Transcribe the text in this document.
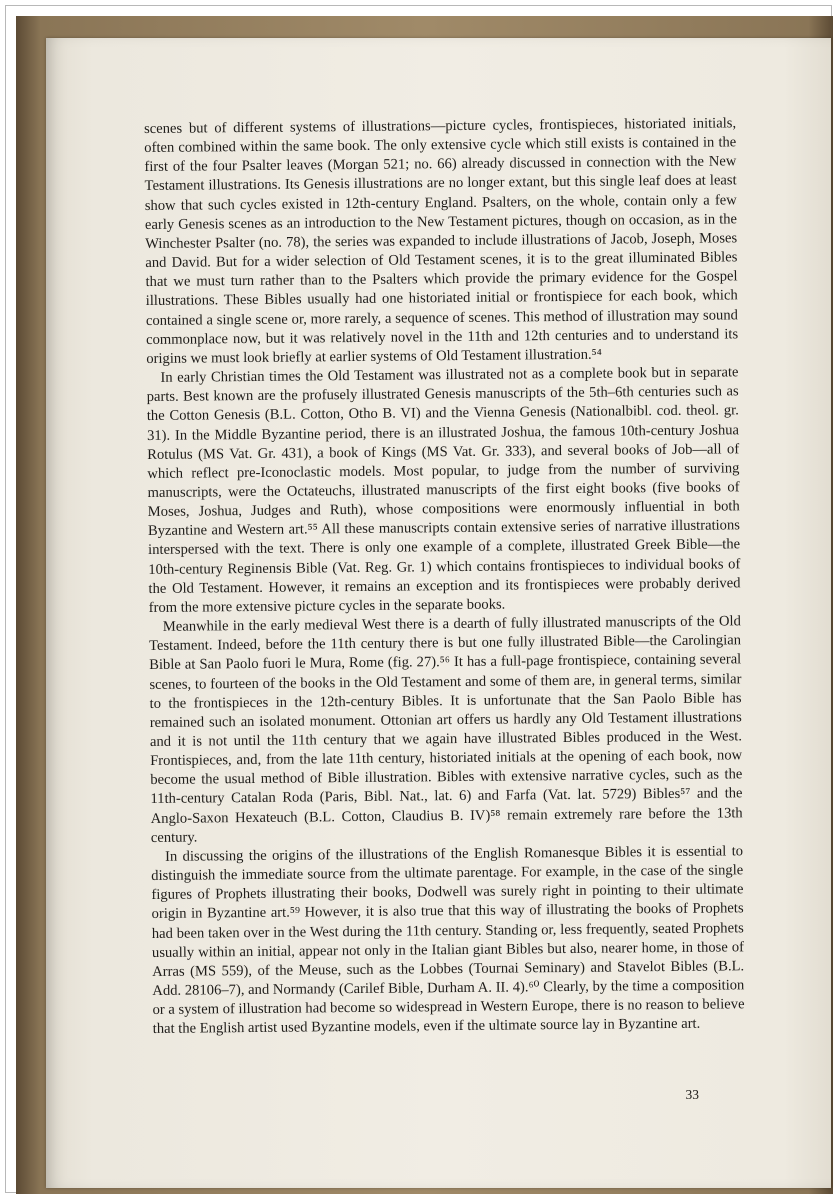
scenes but of different systems of illustrations—picture cycles, frontispieces, historiated initials, often combined within the same book. The only extensive cycle which still exists is contained in the first of the four Psalter leaves (Morgan 521; no. 66) already discussed in connection with the New Testament illustrations. Its Genesis illustrations are no longer extant, but this single leaf does at least show that such cycles existed in 12th-century England. Psalters, on the whole, contain only a few early Genesis scenes as an introduction to the New Testament pictures, though on occasion, as in the Winchester Psalter (no. 78), the series was expanded to include illustrations of Jacob, Joseph, Moses and David. But for a wider selection of Old Testament scenes, it is to the great illuminated Bibles that we must turn rather than to the Psalters which provide the primary evidence for the Gospel illustrations. These Bibles usually had one historiated initial or frontispiece for each book, which contained a single scene or, more rarely, a sequence of scenes. This method of illustration may sound commonplace now, but it was relatively novel in the 11th and 12th centuries and to understand its origins we must look briefly at earlier systems of Old Testament illustration.⁵⁴

In early Christian times the Old Testament was illustrated not as a complete book but in separate parts. Best known are the profusely illustrated Genesis manuscripts of the 5th–6th centuries such as the Cotton Genesis (B.L. Cotton, Otho B. VI) and the Vienna Genesis (Nationalbibl. cod. theol. gr. 31). In the Middle Byzantine period, there is an illustrated Joshua, the famous 10th-century Joshua Rotulus (MS Vat. Gr. 431), a book of Kings (MS Vat. Gr. 333), and several books of Job—all of which reflect pre-Iconoclastic models. Most popular, to judge from the number of surviving manuscripts, were the Octateuchs, illustrated manuscripts of the first eight books (five books of Moses, Joshua, Judges and Ruth), whose compositions were enormously influential in both Byzantine and Western art.⁵⁵ All these manuscripts contain extensive series of narrative illustrations interspersed with the text. There is only one example of a complete, illustrated Greek Bible—the 10th-century Reginensis Bible (Vat. Reg. Gr. 1) which contains frontispieces to individual books of the Old Testament. However, it remains an exception and its frontispieces were probably derived from the more extensive picture cycles in the separate books.

Meanwhile in the early medieval West there is a dearth of fully illustrated manuscripts of the Old Testament. Indeed, before the 11th century there is but one fully illustrated Bible—the Carolingian Bible at San Paolo fuori le Mura, Rome (fig. 27).⁵⁶ It has a full-page frontispiece, containing several scenes, to fourteen of the books in the Old Testament and some of them are, in general terms, similar to the frontispieces in the 12th-century Bibles. It is unfortunate that the San Paolo Bible has remained such an isolated monument. Ottonian art offers us hardly any Old Testament illustrations and it is not until the 11th century that we again have illustrated Bibles produced in the West. Frontispieces, and, from the late 11th century, historiated initials at the opening of each book, now become the usual method of Bible illustration. Bibles with extensive narrative cycles, such as the 11th-century Catalan Roda (Paris, Bibl. Nat., lat. 6) and Farfa (Vat. lat. 5729) Bibles⁵⁷ and the Anglo-Saxon Hexateuch (B.L. Cotton, Claudius B. IV)⁵⁸ remain extremely rare before the 13th century.

In discussing the origins of the illustrations of the English Romanesque Bibles it is essential to distinguish the immediate source from the ultimate parentage. For example, in the case of the single figures of Prophets illustrating their books, Dodwell was surely right in pointing to their ultimate origin in Byzantine art.⁵⁹ However, it is also true that this way of illustrating the books of Prophets had been taken over in the West during the 11th century. Standing or, less frequently, seated Prophets usually within an initial, appear not only in the Italian giant Bibles but also, nearer home, in those of Arras (MS 559), of the Meuse, such as the Lobbes (Tournai Seminary) and Stavelot Bibles (B.L. Add. 28106–7), and Normandy (Carilef Bible, Durham A. II. 4).⁶⁰ Clearly, by the time a composition or a system of illustration had become so widespread in Western Europe, there is no reason to believe that the English artist used Byzantine models, even if the ultimate source lay in Byzantine art.

33
